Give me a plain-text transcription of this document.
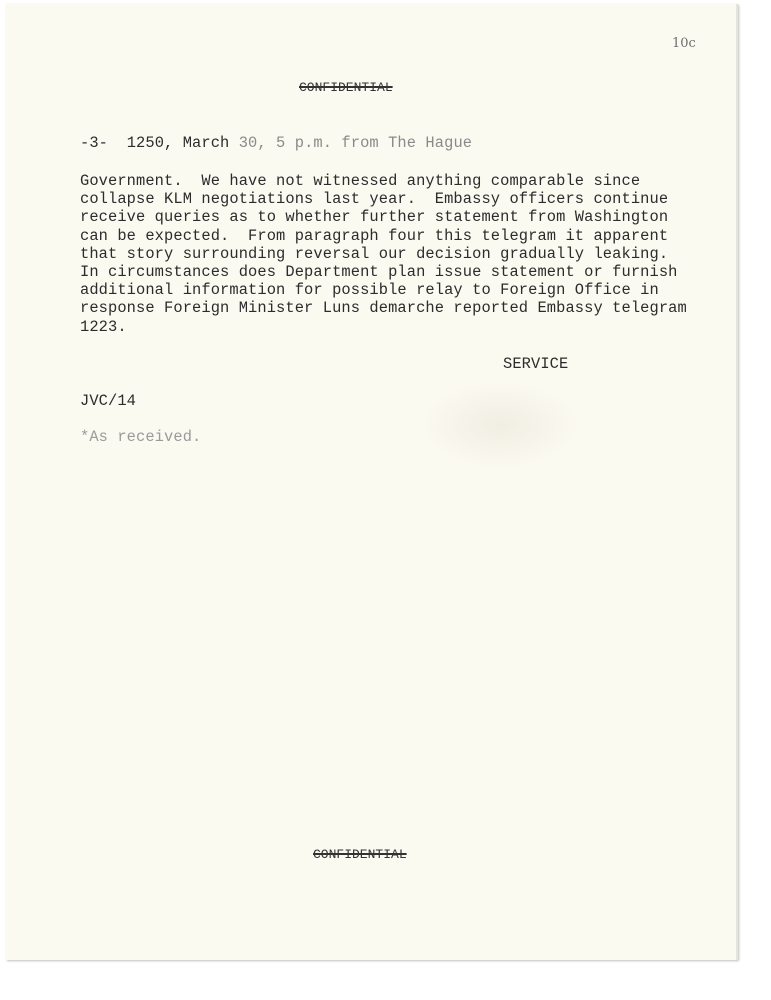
10c
CONFIDENTIAL
-3- 1250, March 30, 5 p.m. from The Hague
Government.  We have not witnessed anything comparable since
collapse KLM negotiations last year.  Embassy officers continue
receive queries as to whether further statement from Washington
can be expected.  From paragraph four this telegram it apparent
that story surrounding reversal our decision gradually leaking.
In circumstances does Department plan issue statement or furnish
additional information for possible relay to Foreign Office in
response Foreign Minister Luns demarche reported Embassy telegram
1223.
SERVICE
JVC/14
*As received.
CONFIDENTIAL
